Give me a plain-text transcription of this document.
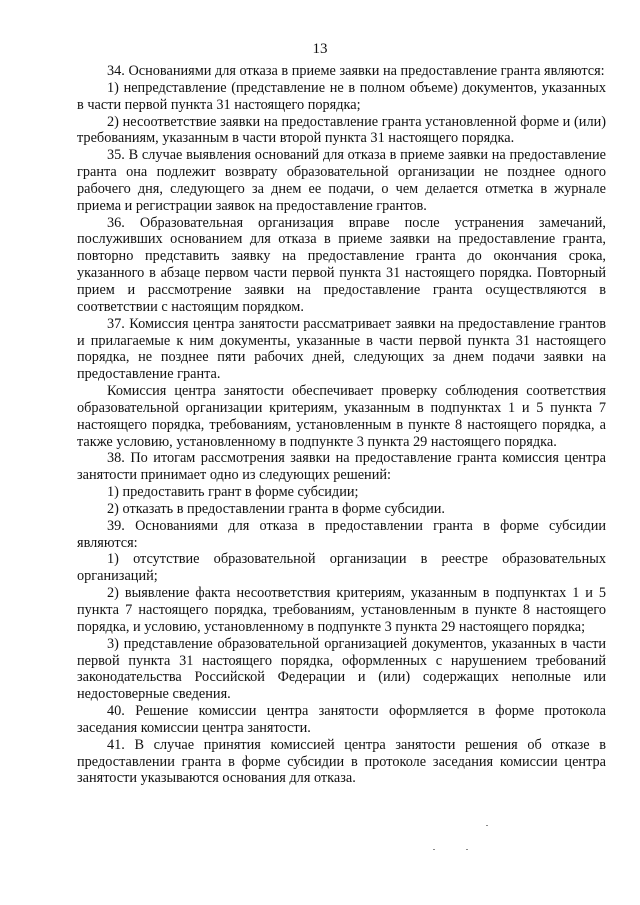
13

34. Основаниями для отказа в приеме заявки на предоставление гранта являются:

1) непредставление (представление не в полном объеме) документов, указанных в части первой пункта 31 настоящего порядка;

2) несоответствие заявки на предоставление гранта установленной форме и (или) требованиям, указанным в части второй пункта 31 настоящего порядка.

35. В случае выявления оснований для отказа в приеме заявки на предоставление гранта она подлежит возврату образовательной организации не позднее одного рабочего дня, следующего за днем ее подачи, о чем делается отметка в журнале приема и регистрации заявок на предоставление грантов.

36. Образовательная организация вправе после устранения замечаний, послуживших основанием для отказа в приеме заявки на предоставление гранта, повторно представить заявку на предоставление гранта до окончания срока, указанного в абзаце первом части первой пункта 31 настоящего порядка. Повторный прием и рассмотрение заявки на предоставление гранта осуществляются в соответствии с настоящим порядком.

37. Комиссия центра занятости рассматривает заявки на предоставление грантов и прилагаемые к ним документы, указанные в части первой пункта 31 настоящего порядка, не позднее пяти рабочих дней, следующих за днем подачи заявки на предоставление гранта.

Комиссия центра занятости обеспечивает проверку соблюдения соответствия образовательной организации критериям, указанным в подпунктах 1 и 5 пункта 7 настоящего порядка, требованиям, установленным в пункте 8 настоящего порядка, а также условию, установленному в подпункте 3 пункта 29 настоящего порядка.

38. По итогам рассмотрения заявки на предоставление гранта комиссия центра занятости принимает одно из следующих решений:

1) предоставить грант в форме субсидии;

2) отказать в предоставлении гранта в форме субсидии.

39. Основаниями для отказа в предоставлении гранта в форме субсидии являются:

1) отсутствие образовательной организации в реестре образовательных организаций;

2) выявление факта несоответствия критериям, указанным в подпунктах 1 и 5 пункта 7 настоящего порядка, требованиям, установленным в пункте 8 настоящего порядка, и условию, установленному в подпункте 3 пункта 29 настоящего порядка;

3) представление образовательной организацией документов, указанных в части первой пункта 31 настоящего порядка, оформленных с нарушением требований законодательства Российской Федерации и (или) содержащих неполные или недостоверные сведения.

40. Решение комиссии центра занятости оформляется в форме протокола заседания комиссии центра занятости.

41. В случае принятия комиссией центра занятости решения об отказе в предоставлении гранта в форме субсидии в протоколе заседания комиссии центра занятости указываются основания для отказа.
